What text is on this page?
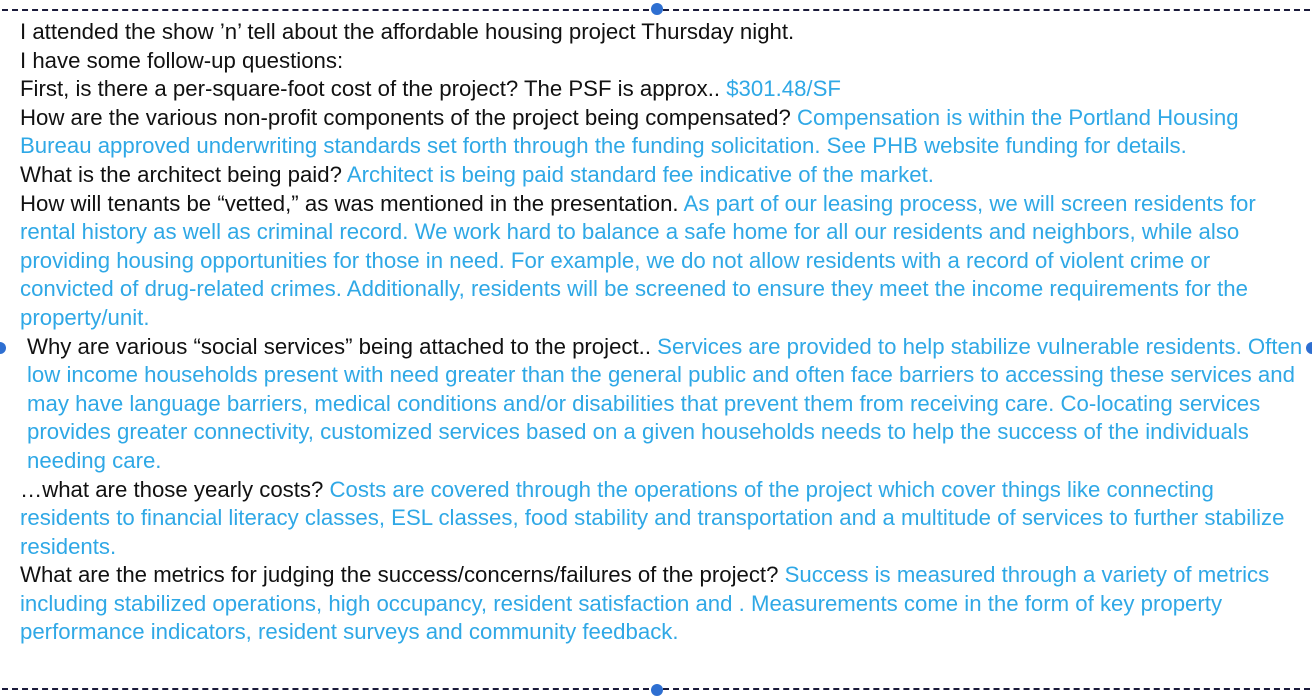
I attended the show ’n’ tell about the affordable housing project Thursday night.

I have some follow-up questions:

First, is there a per-square-foot cost of the project? The PSF is approx.. $301.48/SF

How are the various non-profit components of the project being compensated? Compensation is within the Portland Housing Bureau approved underwriting standards set forth through the funding solicitation. See PHB website funding for details.

What is the architect being paid? Architect is being paid standard fee indicative of the market.

How will tenants be “vetted,” as was mentioned in the presentation. As part of our leasing process, we will screen residents for rental history as well as criminal record. We work hard to balance a safe home for all our residents and neighbors, while also providing housing opportunities for those in need. For example, we do not allow residents with a record of violent crime or convicted of drug-related crimes. Additionally, residents will be screened to ensure they meet the income requirements for the property/unit.

Why are various “social services” being attached to the project.. Services are provided to help stabilize vulnerable residents. Often low income households present with need greater than the general public and often face barriers to accessing these services and may have language barriers, medical conditions and/or disabilities that prevent them from receiving care. Co-locating services provides greater connectivity, customized services based on a given households needs to help the success of the individuals needing care.

…what are those yearly costs? Costs are covered through the operations of the project which cover things like connecting residents to financial literacy classes, ESL classes, food stability and transportation and a multitude of services to further stabilize residents.

What are the metrics for judging the success/concerns/failures of the project? Success is measured through a variety of metrics including stabilized operations, high occupancy, resident satisfaction and . Measurements come in the form of key property performance indicators, resident surveys and community feedback.
